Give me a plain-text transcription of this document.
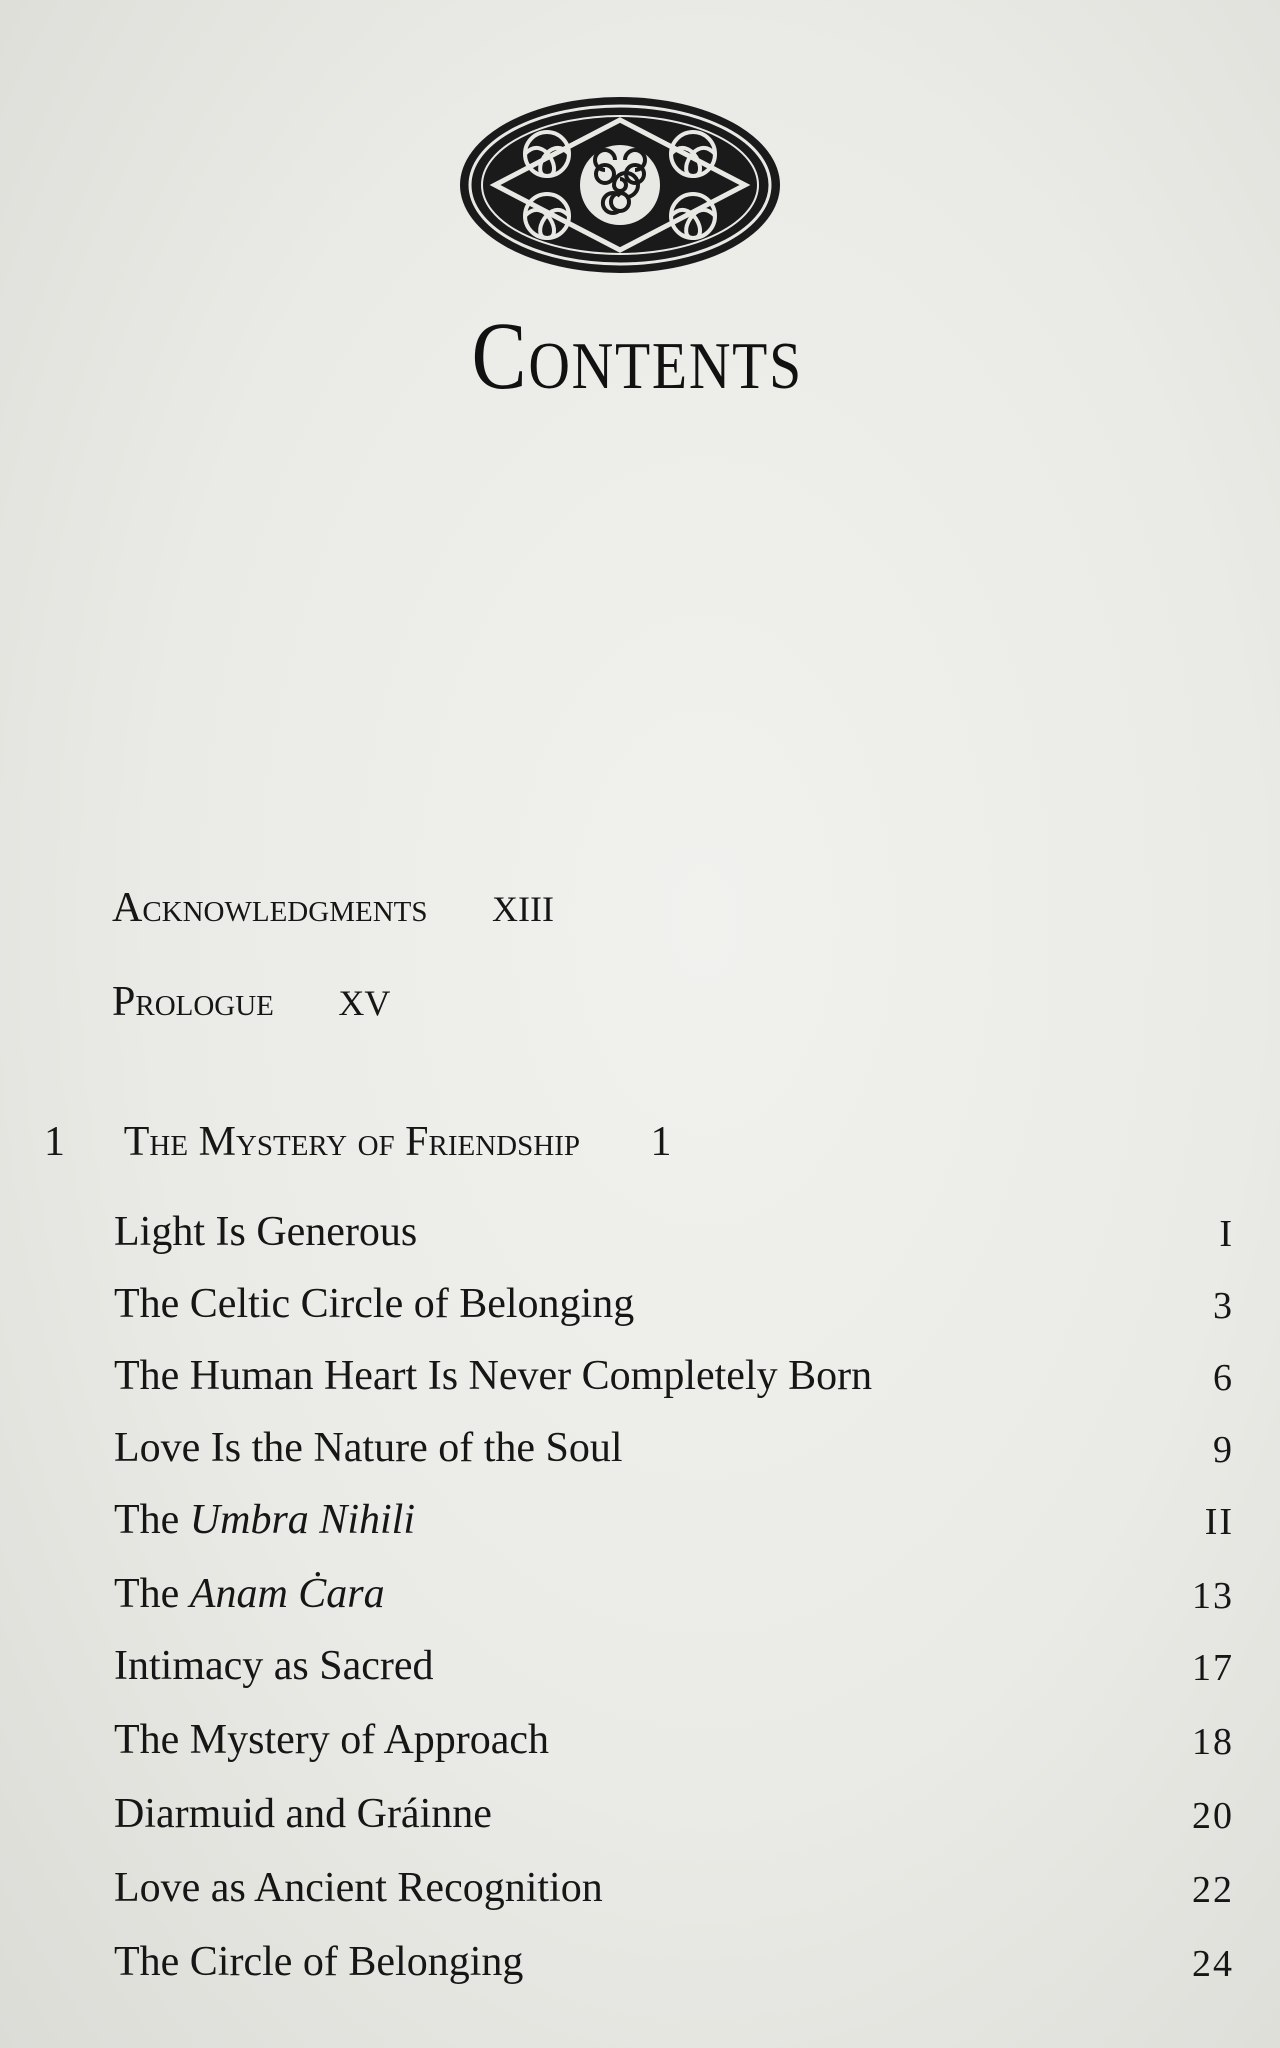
Contents
Acknowledgments XIII
Prologue XV
1 The Mystery of Friendship 1
Light Is Generous	I
The Celtic Circle of Belonging	3
The Human Heart Is Never Completely Born	6
Love Is the Nature of the Soul	9
The Umbra Nihili	II
The Anam Ċara	13
Intimacy as Sacred	17
The Mystery of Approach	18
Diarmuid and Gráinne	20
Love as Ancient Recognition	22
The Circle of Belonging	24
